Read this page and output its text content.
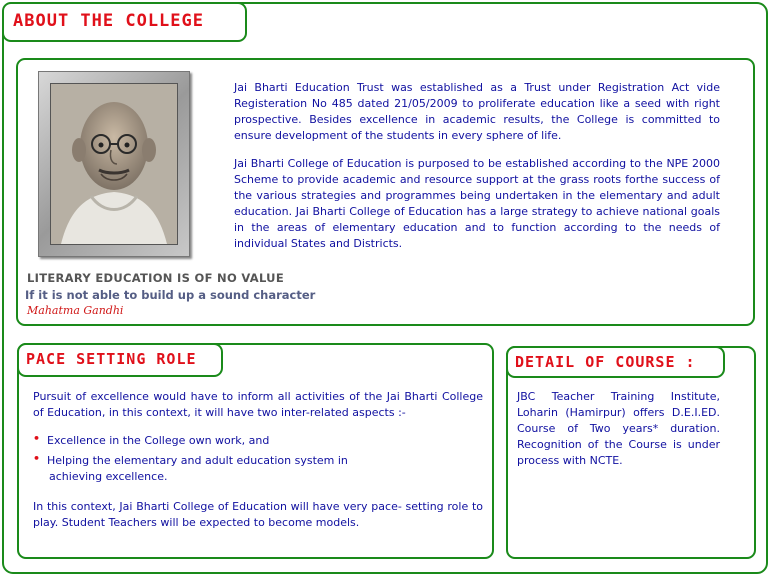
ABOUT THE COLLEGE

Jai Bharti Education Trust was established as a Trust under Registration Act vide Registeration No 485 dated 21/05/2009 to proliferate education like a seed with right prospective. Besides excellence in academic results, the College is committed to ensure development of the students in every sphere of life.

Jai Bharti College of Education is purposed to be established according to the NPE 2000 Scheme to provide academic and resource support at the grass roots forthe success of the various strategies and programmes being undertaken in the elementary and adult education. Jai Bharti College of Education has a large strategy to achieve national goals in the areas of elementary education and to function according to the needs of individual States and Districts.

LITERARY EDUCATION IS OF NO VALUE
If it is not able to build up a sound character
Mahatma Gandhi
PACE SETTING ROLE

Pursuit of excellence would have to inform all activities of the Jai Bharti College of Education, in this context, it will have two inter-related aspects :-

• Excellence in the College own work, and
• Helping the elementary and adult education system in
achieving excellence.

In this context, Jai Bharti College of Education will have very pace- setting role to play. Student Teachers will be expected to become models.

DETAIL OF COURSE :
JBC Teacher Training Institute, Loharin (Hamirpur) offers D.E.I.ED. Course of Two years* duration. Recognition of the Course is under process with NCTE.
